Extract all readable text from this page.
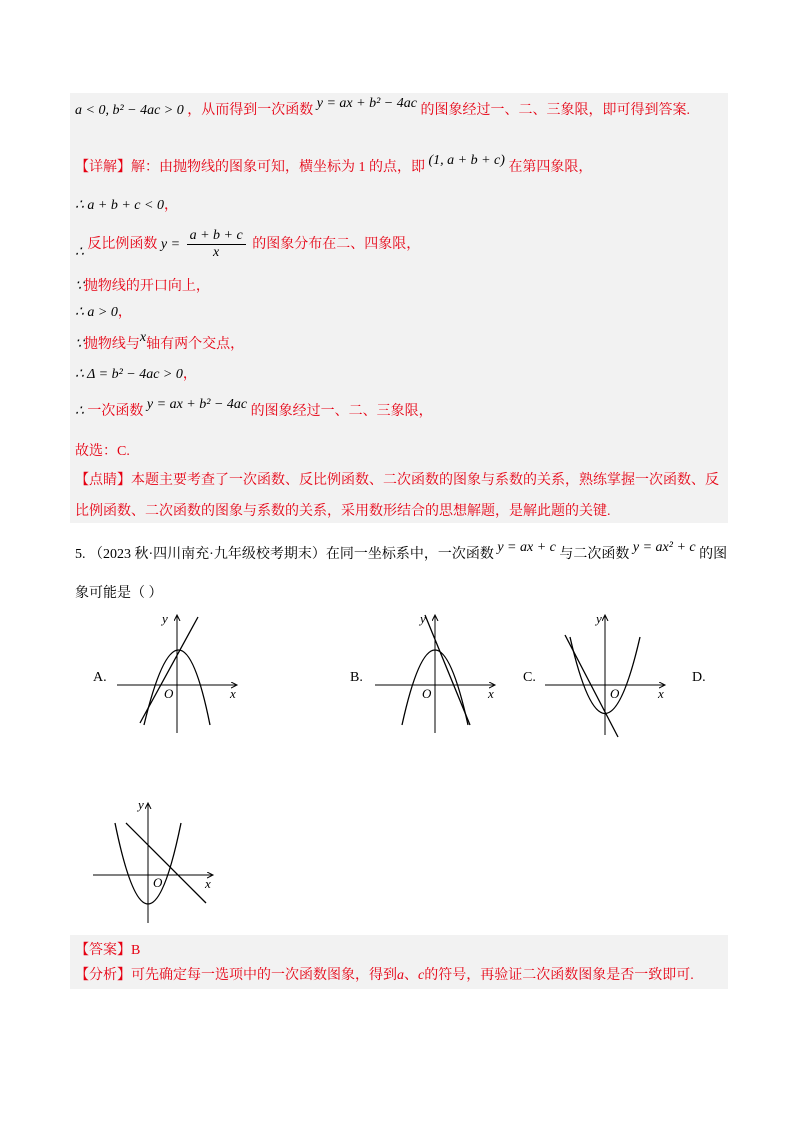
a < 0, b² − 4ac > 0 ，从而得到一次函数 y = ax + b² − 4ac 的图象经过一、二、三象限，即可得到答案.
【详解】解：由抛物线的图象可知，横坐标为 1 的点，即 (1, a + b + c) 在第四象限，
∴ a + b + c < 0，
∴ 反比例函数 $y = \frac{a + b + c}{x}$ 的图象分布在二、四象限，
∵抛物线的开口向上，
∴ a > 0，
∵抛物线与x轴有两个交点，
∴ Δ = b² − 4ac > 0，
∴ 一次函数 y = ax + b² − 4ac 的图象经过一、二、三象限，
故选：C.
【点睛】本题主要考查了一次函数、反比例函数、二次函数的图象与系数的关系，熟练掌握一次函数、反
比例函数、二次函数的图象与系数的关系，采用数形结合的思想解题，是解此题的关键.
5. （2023 秋·四川南充·九年级校考期末）在同一坐标系中，一次函数 y = ax + c 与二次函数 y = ax² + c 的图
象可能是（ ）
A.	B.	C.	D.
y
x
O
y
x
O
y
x
O
y
x
O
【答案】B
【分析】可先确定每一选项中的一次函数图象，得到a、c的符号，再验证二次函数图象是否一致即可.
